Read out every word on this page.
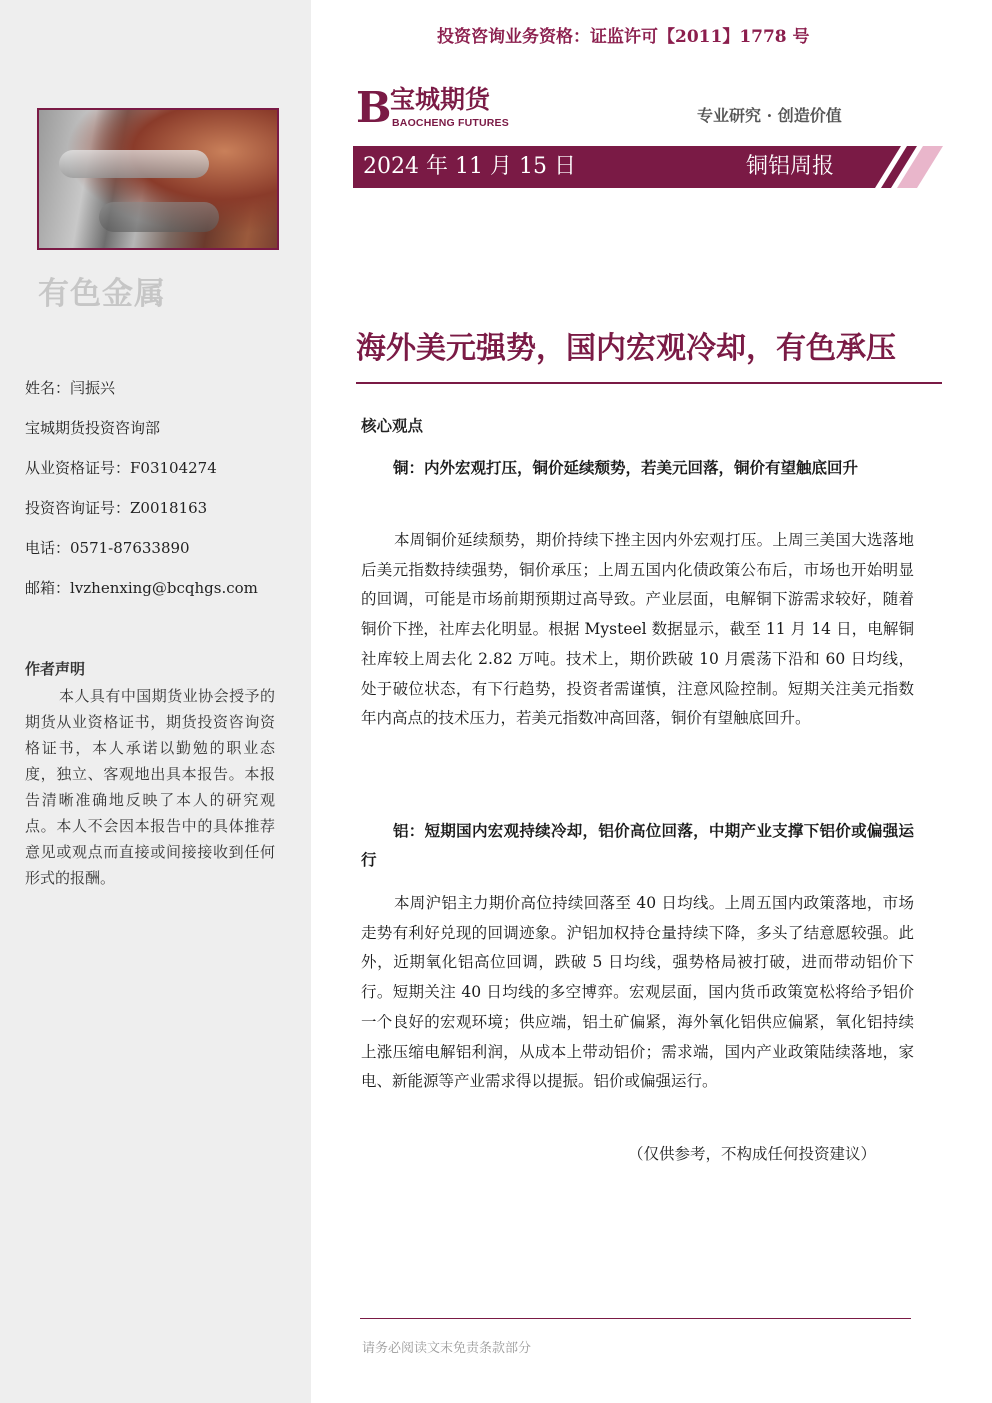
有色金属
姓名：闫振兴
宝城期货投资咨询部
从业资格证号：F03104274
投资咨询证号：Z0018163
电话：0571-87633890
邮箱：lvzhenxing@bcqhgs.com
作者声明
本人具有中国期货业协会授予的期货从业资格证书，期货投资咨询资格证书，本人承诺以勤勉的职业态度，独立、客观地出具本报告。本报告清晰准确地反映了本人的研究观点。本人不会因本报告中的具体推荐意见或观点而直接或间接接收到任何形式的报酬。
投资咨询业务资格：证监许可【2011】1778 号
B
宝城期货
BAOCHENG FUTURES	专业研究 · 创造价值
2024 年 11 月 15 日	铜铝周报
海外美元强势，国内宏观冷却，有色承压
核心观点
铜：内外宏观打压，铜价延续颓势，若美元回落，铜价有望触底回升
本周铜价延续颓势，期价持续下挫主因内外宏观打压。上周三美国大选落地后美元指数持续强势，铜价承压；上周五国内化债政策公布后，市场也开始明显的回调，可能是市场前期预期过高导致。产业层面，电解铜下游需求较好，随着铜价下挫，社库去化明显。根据 Mysteel 数据显示，截至 11 月 14 日，电解铜社库较上周去化 2.82 万吨。技术上，期价跌破 10 月震荡下沿和 60 日均线，处于破位状态，有下行趋势，投资者需谨慎，注意风险控制。短期关注美元指数年内高点的技术压力，若美元指数冲高回落，铜价有望触底回升。
铝：短期国内宏观持续冷却，铝价高位回落，中期产业支撑下铝价或偏强运行
本周沪铝主力期价高位持续回落至 40 日均线。上周五国内政策落地，市场走势有利好兑现的回调迹象。沪铝加权持仓量持续下降，多头了结意愿较强。此外，近期氧化铝高位回调，跌破 5 日均线，强势格局被打破，进而带动铝价下行。短期关注 40 日均线的多空博弈。宏观层面，国内货币政策宽松将给予铝价一个良好的宏观环境；供应端，铝土矿偏紧，海外氧化铝供应偏紧，氧化铝持续上涨压缩电解铝利润，从成本上带动铝价；需求端，国内产业政策陆续落地，家电、新能源等产业需求得以提振。铝价或偏强运行。
（仅供参考，不构成任何投资建议）
请务必阅读文末免责条款部分
